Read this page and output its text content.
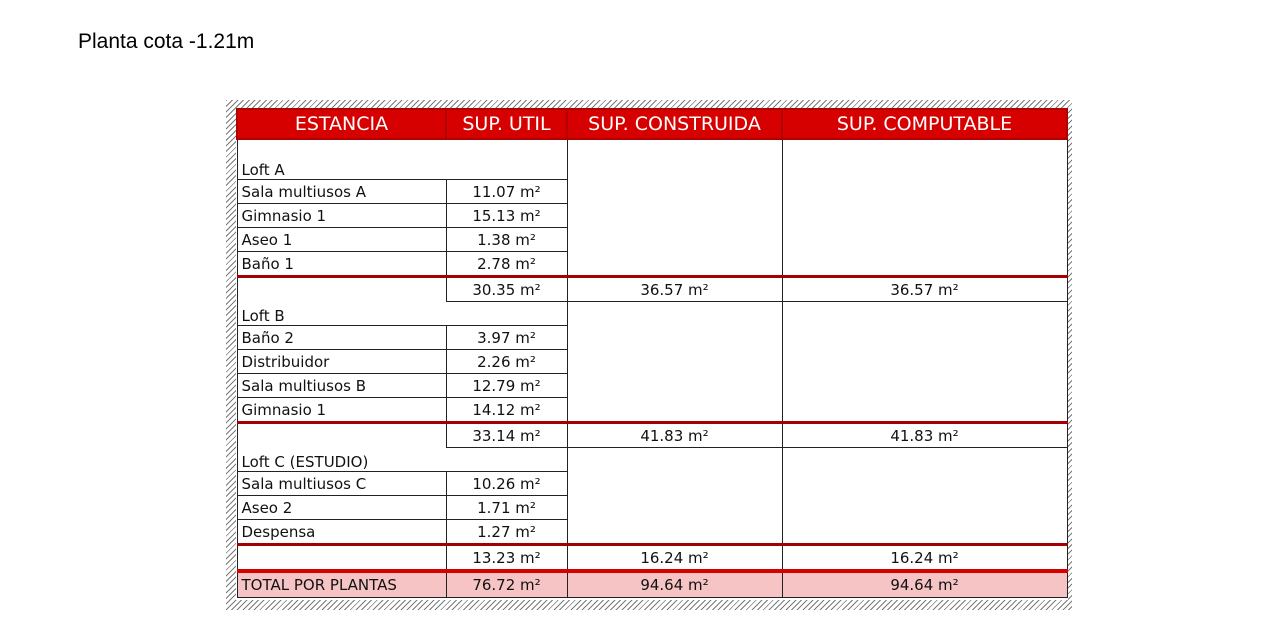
Planta cota -1.21m
ESTANCIA	SUP. UTIL	SUP. CONSTRUIDA	SUP. COMPUTABLE

Loft A			
Sala multiusos A	11.07 m²		
Gimnasio 1	15.13 m²		
Aseo 1	1.38 m²		
Baño 1	2.78 m²		
	30.35 m²	36.57 m²	36.57 m²
Loft B			
Baño 2	3.97 m²		
Distribuidor	2.26 m²		
Sala multiusos B	12.79 m²		
Gimnasio 1	14.12 m²		
	33.14 m²	41.83 m²	41.83 m²
Loft C (ESTUDIO)			
Sala multiusos C	10.26 m²		
Aseo 2	1.71 m²		
Despensa	1.27 m²		
	13.23 m²	16.24 m²	16.24 m²
TOTAL POR PLANTAS	76.72 m²	94.64 m²	94.64 m²
